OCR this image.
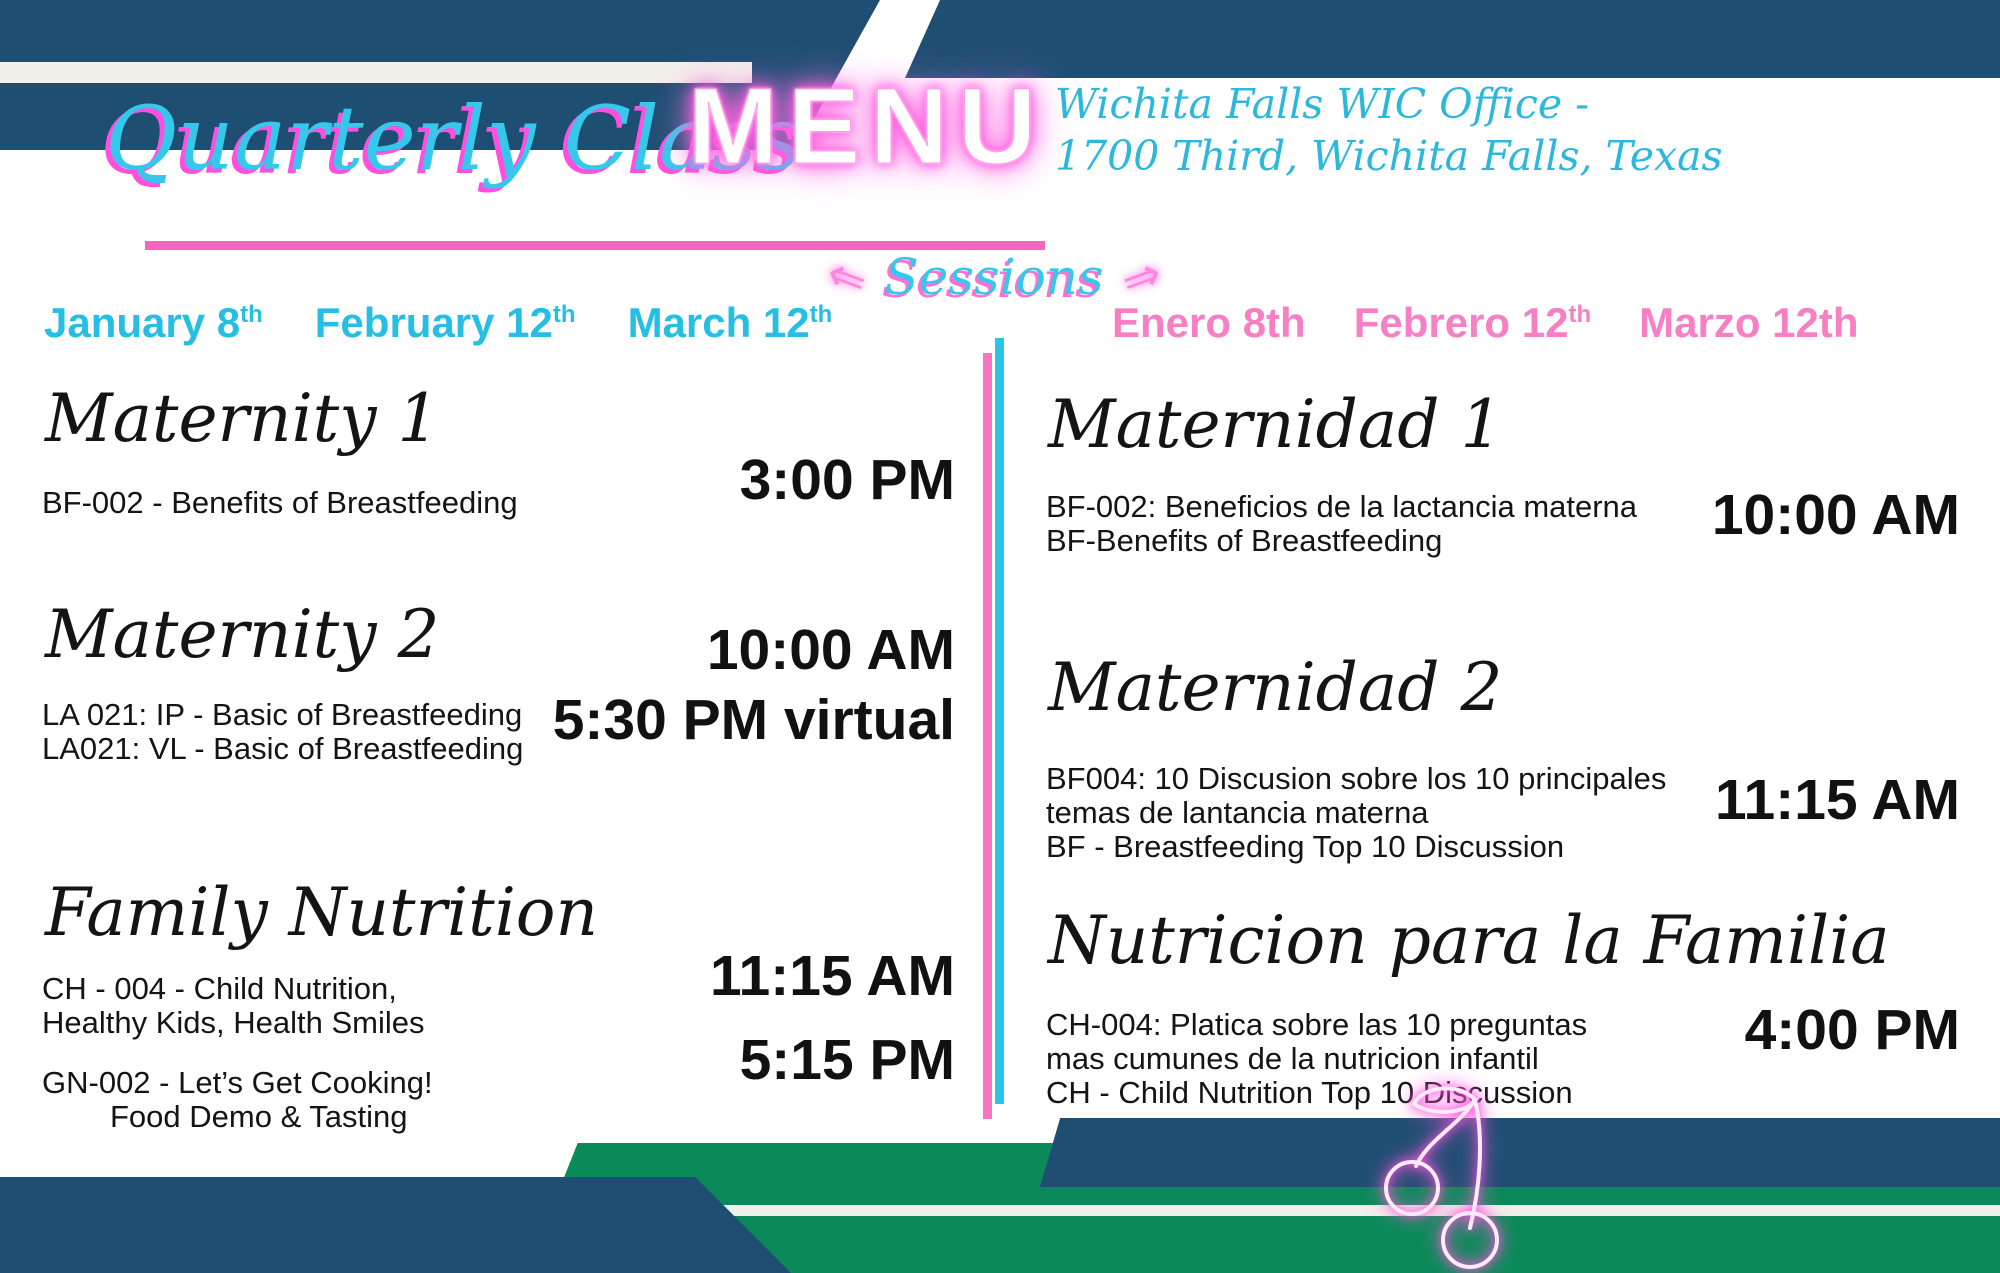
Quarterly Class
MENU Wichita Falls WIC Office -
1700 Third, Wichita Falls, Texas
⇐ Sessions ⇒
January 8th February 12th March 12th	Enero 8th Febrero 12th Marzo 12th
Maternity 1
BF-002 - Benefits of Breastfeeding	3:00 PM
Maternity 2	10:00 AM
5:30 PM virtual
LA 021: IP - Basic of Breastfeeding
LA021: VL - Basic of Breastfeeding
Family Nutrition
11:15 AM
CH - 004 - Child Nutrition,
Healthy Kids, Health Smiles
5:15 PM
GN-002 - Let’s Get Cooking!
Food Demo & Tasting
Maternidad 1
BF-002: Beneficios de la lactancia materna
BF-Benefits of Breastfeeding	10:00 AM
Maternidad 2
BF004: 10 Discusion sobre los 10 principales
temas de lantancia materna
BF - Breastfeeding Top 10 Discussion
11:15 AM
Nutricion para la Familia
CH-004: Platica sobre las 10 preguntas
mas cumunes de la nutricion infantil
CH - Child Nutrition Top 10 Discussion
4:00 PM
